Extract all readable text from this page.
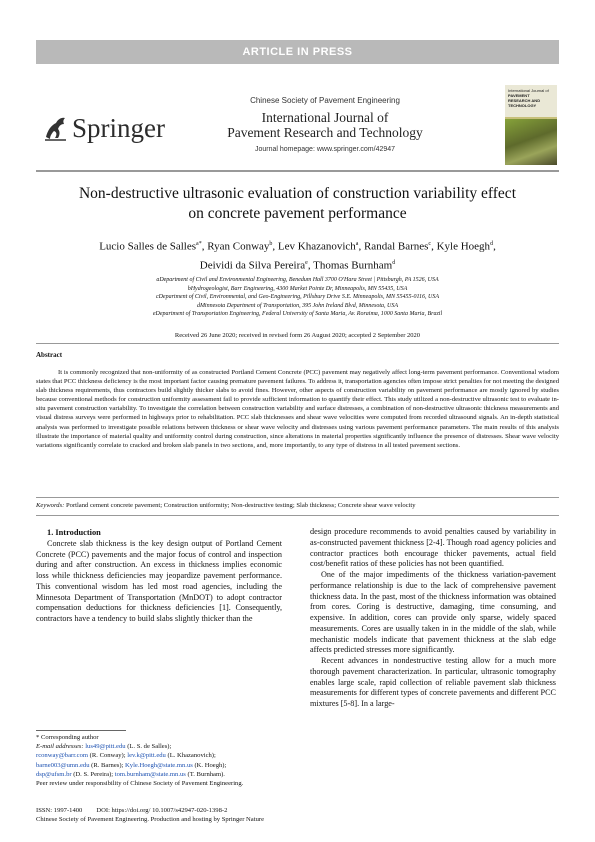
ARTICLE IN PRESS
Springer
Chinese Society of Pavement Engineering
International Journal of
Pavement Research and Technology
Journal homepage: www.springer.com/42947
International Journal of
PAVEMENT
RESEARCH AND
TECHNOLOGY
Non-destructive ultrasonic evaluation of construction variability effect
on concrete pavement performance
Lucio Salles de Salles$^{a*}$, Ryan Conway$^b$, Lev Khazanovich$^a$, Randal Barnes$^c$, Kyle Hoegh$^d$,
Deividi da Silva Pereira$^e$, Thomas Burnham$^d$
aDepartment of Civil and Environmental Engineering, Benedum Hall 3700 O'Hara Street | Pittsburgh, PA 1526, USA
bHydrogeologist, Barr Engineering, 4300 Market Pointe Dr, Minneapolis, MN 55435, USA
cDepartment of Civil, Environmental, and Geo-Engineering, Pillsbury Drive S.E. Minneapolis, MN 55455-0116, USA
dMinnesota Department of Transportation, 395 John Ireland Blvd, Minnesota, USA
eDepartment of Transportation Engineering, Federal University of Santa Maria, Av. Roraima, 1000 Santa Maria, Brazil
Received 26 June 2020; received in revised form 26 August 2020; accepted 2 September 2020
Abstract
It is commonly recognized that non-uniformity of as constructed Portland Cement Concrete (PCC) pavement may negatively affect long-term pavement performance. Conventional wisdom states that PCC thickness deficiency is the most important factor causing premature pavement failures. To address it, transportation agencies often impose strict penalties for not meeting the designed slab thickness requirements, thus contractors build slightly thicker slabs to avoid fines. However, other aspects of construction variability on pavement performance are mostly ignored by studies because conventional methods for construction uniformity assessment fail to provide sufficient information to quantify their effect. This study utilized a non-destructive ultrasonic test to evaluate in-situ pavement construction variability. To investigate the correlation between construction variability and surface distresses, a combination of non-destructive ultrasonic thickness measurements and visual distress surveys were performed in highways prior to rehabilitation. PCC slab thicknesses and shear wave velocities were computed from recorded ultrasound signals. An in-depth statistical analysis was performed to investigate possible relations between thickness or shear wave velocity and distresses using various pavement performance parameters. The main results of this analysis illustrate the importance of material quality and uniformity control during construction, since alterations in material properties significantly influence the presence of distresses. Shear wave velocity variations significantly correlate to cracked and broken slab panels in two sections, and, more importantly, to any type of distress in all tested pavement sections.
Keywords: Portland cement concrete pavement; Construction uniformity; Non-destructive testing; Slab thickness; Concrete shear wave velocity

1. Introduction

Concrete slab thickness is the key design output of Portland Cement Concrete (PCC) pavements and the major focus of control and inspection during and after construction. An excess in thickness implies economic loss while thickness deficiencies may jeopardize pavement performance. This conventional wisdom has led most road agencies, including the Minnesota Department of Transportation (MnDOT) to adopt contractor compensation deductions for thickness deficiencies [1]. Consequently, contractors have a tendency to build slabs slightly thicker than the

design procedure recommends to avoid penalties caused by variability in as-constructed pavement thickness [2-4]. Though road agency policies and contractor practices both encourage thicker pavements, actual field cost/benefit ratios of these policies has not been quantified.

One of the major impediments of the thickness variation-pavement performance relationship is due to the lack of comprehensive pavement thickness data. In the past, most of the thickness information was obtained from cores. Coring is destructive, damaging, time consuming, and expensive. In addition, cores can provide only sparse, widely spaced measurements. Cores are usually taken in in the middle of the slab, while mechanistic models indicate that pavement thickness at the slab edge affects predicted stresses more significantly.

Recent advances in nondestructive testing allow for a much more thorough pavement characterization. In particular, ultrasonic tomography enables large scale, rapid collection of reliable pavement slab thickness measurements for different types of concrete pavements and different PCC mixtures [5-8]. In a large-

* Corresponding author
E-mail addresses: lus49@pitt.edu (L. S. de Salles);
rconway@barr.com (R. Conway); lev.k@pitt.edu (L. Khazanovich);
barne003@umn.edu (R. Barnes); Kyle.Hoegh@state.mn.us (K. Hoegh);
dsp@ufsm.br (D. S. Pereira); tom.burnham@state.mn.us (T. Burnham).
Peer review under responsibility of Chinese Society of Pavement Engineering.
ISSN: 1997-1400 DOI: https://doi.org/ 10.1007/s42947-020-1398-2
Chinese Society of Pavement Engineering. Production and hosting by Springer Nature
